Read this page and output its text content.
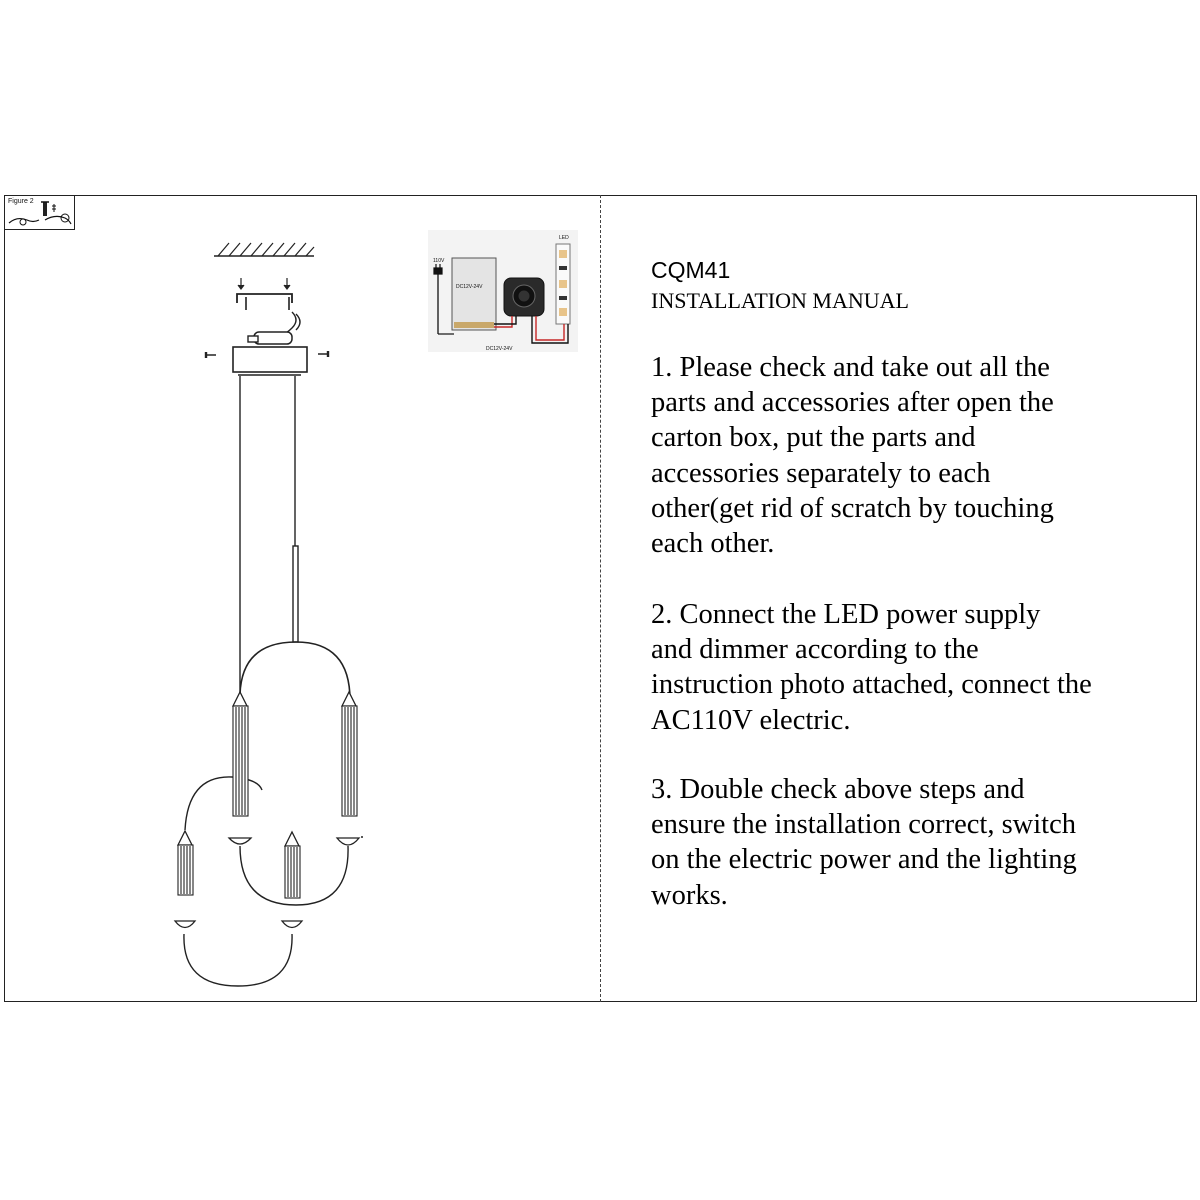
Figure 2
110V
DC12V-24V
LED
DC12V-24V
CQM41
INSTALLATION MANUAL
1. Please check and take out all the
parts and accessories after open the
carton box, put the parts and
accessories separately to each
other(get rid of scratch by touching
each other.
2. Connect the LED power supply
and dimmer according to the
instruction photo attached, connect the
AC110V electric.
3. Double check above steps and
ensure the installation correct, switch
on the electric power and the lighting
works.
